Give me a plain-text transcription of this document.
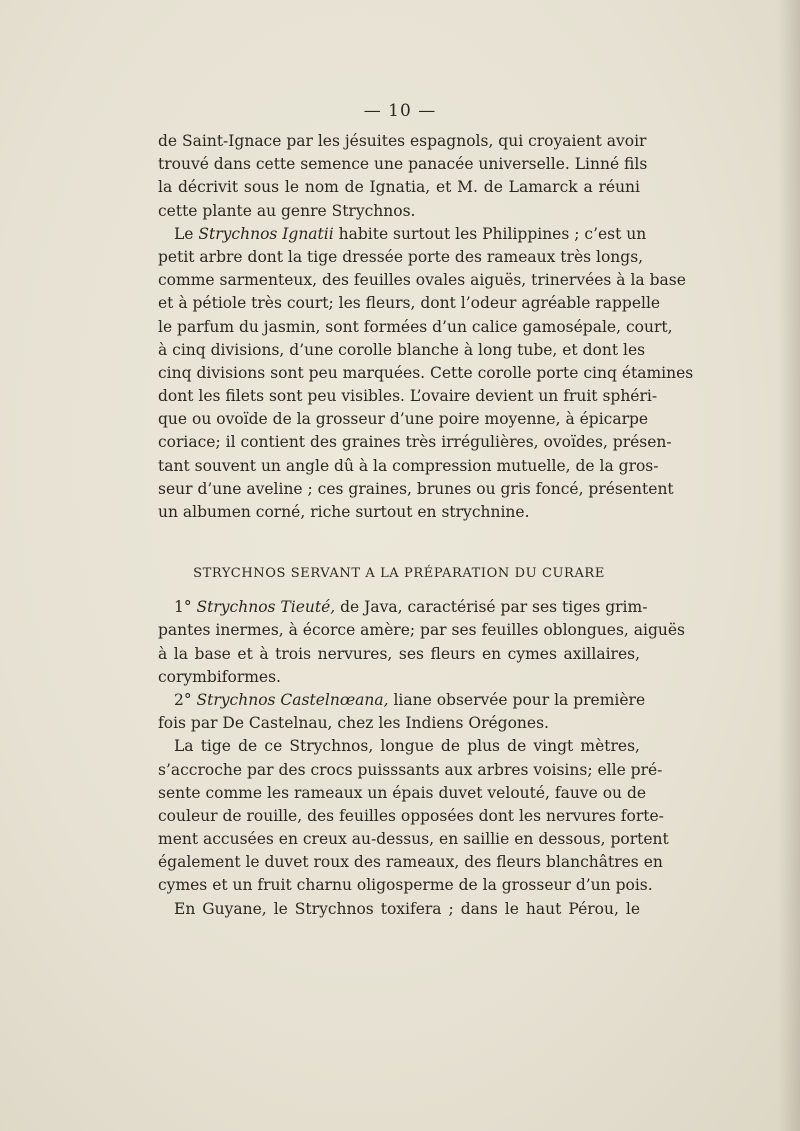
— 10 —
de Saint-Ignace par les jésuites espagnols, qui croyaient avoir
trouvé dans cette semence une panacée universelle. Linné fils
la décrivit sous le nom de Ignatia, et M. de Lamarck a réuni
cette plante au genre Strychnos.
Le Strychnos Ignatii habite surtout les Philippines ; c’est un
petit arbre dont la tige dressée porte des rameaux très longs,
comme sarmenteux, des feuilles ovales aiguës, trinervées à la base
et à pétiole très court; les fleurs, dont l’odeur agréable rappelle
le parfum du jasmin, sont formées d’un calice gamosépale, court,
à cinq divisions, d’une corolle blanche à long tube, et dont les
cinq divisions sont peu marquées. Cette corolle porte cinq étamines
dont les filets sont peu visibles. L’ovaire devient un fruit sphéri-
que ou ovoïde de la grosseur d’une poire moyenne, à épicarpe
coriace; il contient des graines très irrégulières, ovoïdes, présen-
tant souvent un angle dû à la compression mutuelle, de la gros-
seur d’une aveline ; ces graines, brunes ou gris foncé, présentent
un albumen corné, riche surtout en strychnine.
STRYCHNOS SERVANT A LA PRÉPARATION DU CURARE
1° Strychnos Tieuté, de Java, caractérisé par ses tiges grim-
pantes inermes, à écorce amère; par ses feuilles oblongues, aiguës
à la base et à trois nervures, ses fleurs en cymes axillaires,
corymbiformes.
2° Strychnos Castelnœana, liane observée pour la première
fois par De Castelnau, chez les Indiens Orégones.
La tige de ce Strychnos, longue de plus de vingt mètres,
s’accroche par des crocs puisssants aux arbres voisins; elle pré-
sente comme les rameaux un épais duvet velouté, fauve ou de
couleur de rouille, des feuilles opposées dont les nervures forte-
ment accusées en creux au-dessus, en saillie en dessous, portent
également le duvet roux des rameaux, des fleurs blanchâtres en
cymes et un fruit charnu oligosperme de la grosseur d’un pois.
En Guyane, le Strychnos toxifera ; dans le haut Pérou, le
